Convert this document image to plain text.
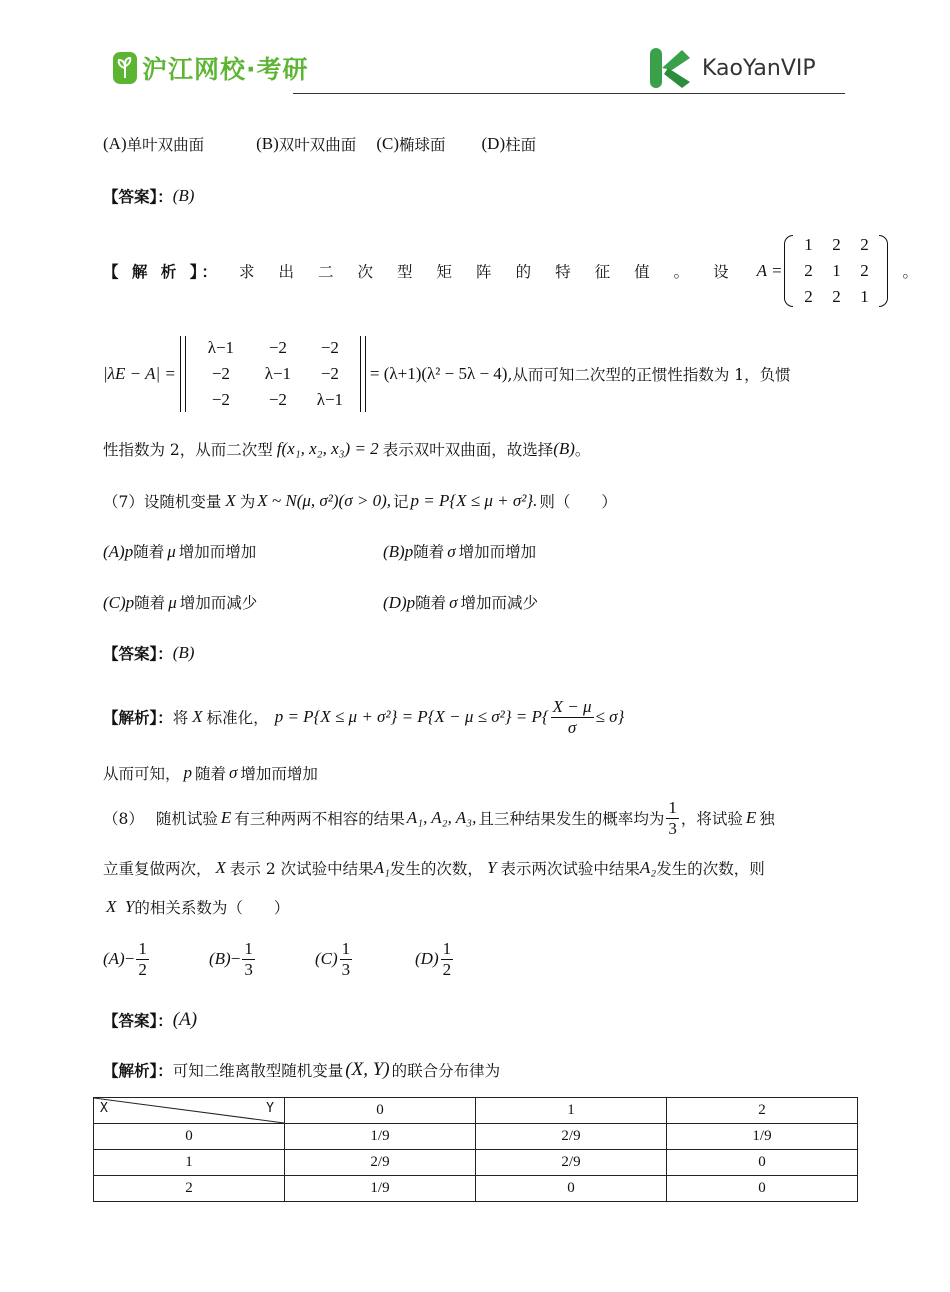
沪江网校·考研	KaoYanVIP
(A) 单叶双曲面	(B) 双叶双曲面 (C) 椭球面 (D) 柱面
【答案】： (B)
【 解 析 】： 求 出 二 次 型 矩 阵 的 特 征 值 。 设	A =
1	2	2
2	1	2
2	2	1
。
|λE − A| =
λ−1	−2	−2
−2	λ−1	−2
−2	−2	λ−1
= (λ+1)(λ² − 5λ − 4) ,从而可知二次型的正惯性指数为 1，负惯
性指数为 2，从而二次型 f(x₁, x₂, x₃) = 2 表示双叶双曲面，故选择 (B) 。
（7） 设随机变量 X 为 X ~ N(μ, σ²)(σ > 0), 记 p = P{X ≤ μ + σ²}. 则（　　）
(A)p随着 μ 增加而增加	(B)p随着 σ 增加而增加
(C)p随着 μ 增加而减少	(D)p随着 σ 增加而减少
【答案】： (B)
【解析】： 将 X 标准化， $p = P\{X \le \mu + \sigma^2\} = P\{X - \mu \le \sigma^2\} = P\{ \frac{X - \mu}{\sigma} \le \sigma\}$
从而可知， p 随着 σ 增加而增加
（8） 随机试验 E 有三种两两不相容的结果 A₁, A₂, A₃, 且三种结果发生的概率均为 $\frac{1}{3}$ ，将试验 E 独
立重复做两次， X 表示 2 次试验中结果 A₁ 发生的次数， Y 表示两次试验中结果 A₂ 发生的次数，则
X  Y 的相关系数为（　　）
$(A) - \frac{1}{2}$	$(B) - \frac{1}{3}$	$(C) \frac{1}{3}$	$(D) \frac{1}{2}$
【答案】： (A)
【解析】： 可知二维离散型随机变量 (X, Y) 的联合分布律为
X Y	0	1	2
0	1/9	2/9	1/9
1	2/9	2/9	0
2	1/9	0	0
